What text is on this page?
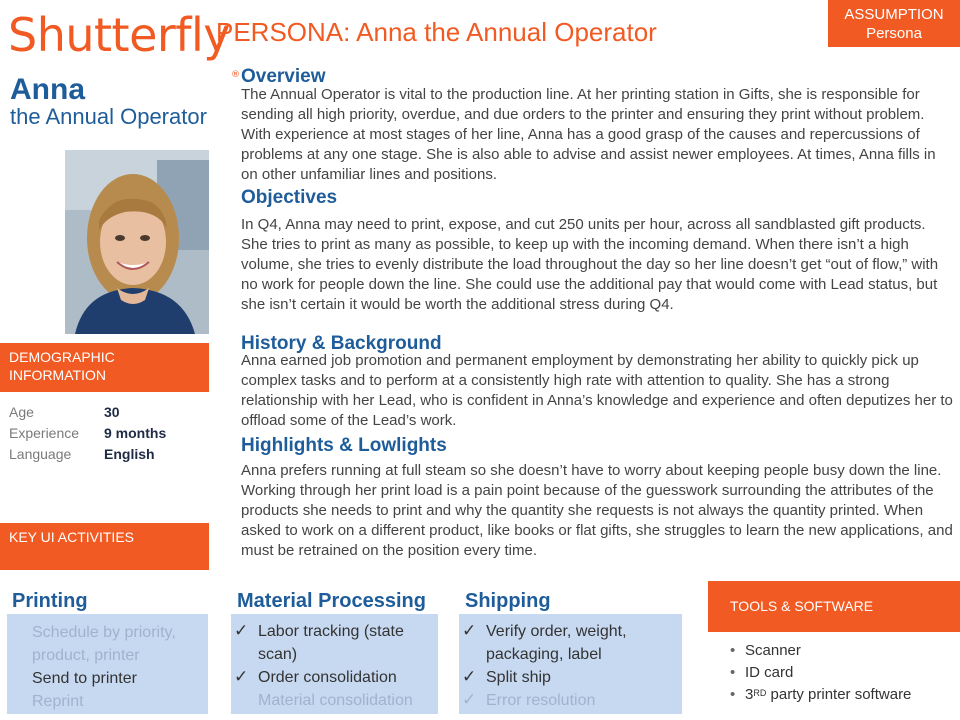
Shutterfly®
PERSONA: Anna the Annual Operator
ASSUMPTION
Persona
Anna
the Annual Operator
DEMOGRAPHIC INFORMATION
Age	30
Experience	9 months
Language	English
KEY UI ACTIVITIES
Overview

The Annual Operator is vital to the production line. At her printing station in Gifts, she is responsible for sending all high priority, overdue, and due orders to the printer and ensuring they print without problem. With experience at most stages of her line, Anna has a good grasp of the causes and repercussions of problems at any one stage. She is also able to advise and assist newer employees. At times, Anna fills in on other unfamiliar lines and positions.

Objectives

In Q4, Anna may need to print, expose, and cut 250 units per hour, across all sandblasted gift products. She tries to print as many as possible, to keep up with the incoming demand. When there isn’t a high volume, she tries to evenly distribute the load throughout the day so her line doesn’t get “out of flow,” with no work for people down the line. She could use the additional pay that would come with Lead status, but she isn’t certain it would be worth the additional stress during Q4.

History & Background

Anna earned job promotion and permanent employment by demonstrating her ability to quickly pick up complex tasks and to perform at a consistently high rate with attention to quality. She has a strong relationship with her Lead, who is confident in Anna’s knowledge and experience and often deputizes her to offload some of the Lead’s work.

Highlights & Lowlights

Anna prefers running at full steam so she doesn’t have to worry about keeping people busy down the line. Working through her print load is a pain point because of the guesswork surrounding the attributes of the products she needs to print and why the quantity she requests is not always the quantity printed. When asked to work on a different product, like books or flat gifts, she struggles to learn the new applications, and must be retrained on the position every time.

Printing
Schedule by priority, product, printer
Send to printer
Reprint
Material Processing
✓ Labor tracking (state scan)
✓ Order consolidation
Material consolidation
Shipping
✓ Verify order, weight, packaging, label
✓ Split ship
✓ Error resolution
TOOLS & SOFTWARE
• Scanner
• ID card
• 3RD party printer software
